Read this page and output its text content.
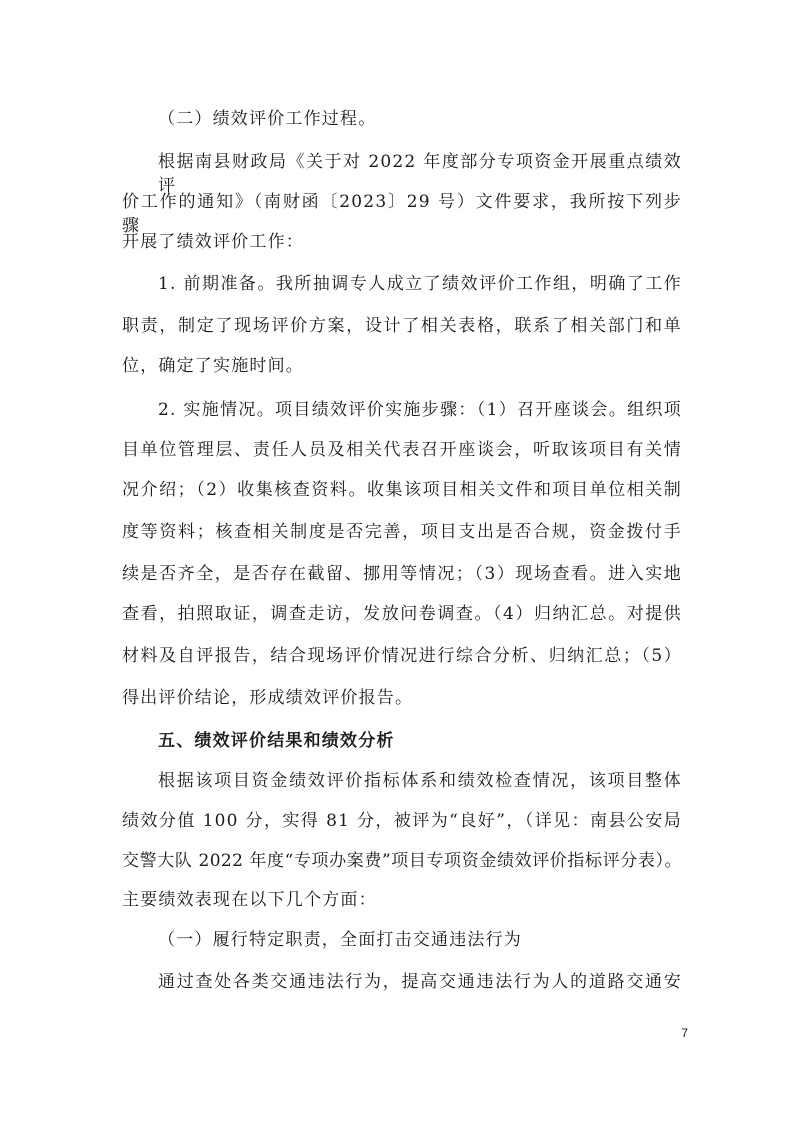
（二）绩效评价工作过程。
根据南县财政局《关于对 2022 年度部分专项资金开展重点绩效评
价工作的通知》（南财函〔2023〕29 号）文件要求，我所按下列步骤
开展了绩效评价工作：
1. 前期准备。我所抽调专人成立了绩效评价工作组，明确了工作
职责，制定了现场评价方案，设计了相关表格，联系了相关部门和单
位，确定了实施时间。
2. 实施情况。项目绩效评价实施步骤：（1）召开座谈会。组织项
目单位管理层、责任人员及相关代表召开座谈会，听取该项目有关情
况介绍；（2）收集核查资料。收集该项目相关文件和项目单位相关制
度等资料；核查相关制度是否完善，项目支出是否合规，资金拨付手
续是否齐全，是否存在截留、挪用等情况；（3）现场查看。进入实地
查看，拍照取证，调查走访，发放问卷调查。（4）归纳汇总。对提供
材料及自评报告，结合现场评价情况进行综合分析、归纳汇总；（5）
得出评价结论，形成绩效评价报告。
五、绩效评价结果和绩效分析
根据该项目资金绩效评价指标体系和绩效检查情况，该项目整体
绩效分值 100 分，实得 81 分，被评为“良好”，（详见：南县公安局
交警大队 2022 年度“专项办案费”项目专项资金绩效评价指标评分表）。
主要绩效表现在以下几个方面：
（一）履行特定职责，全面打击交通违法行为
通过查处各类交通违法行为，提高交通违法行为人的道路交通安
7
